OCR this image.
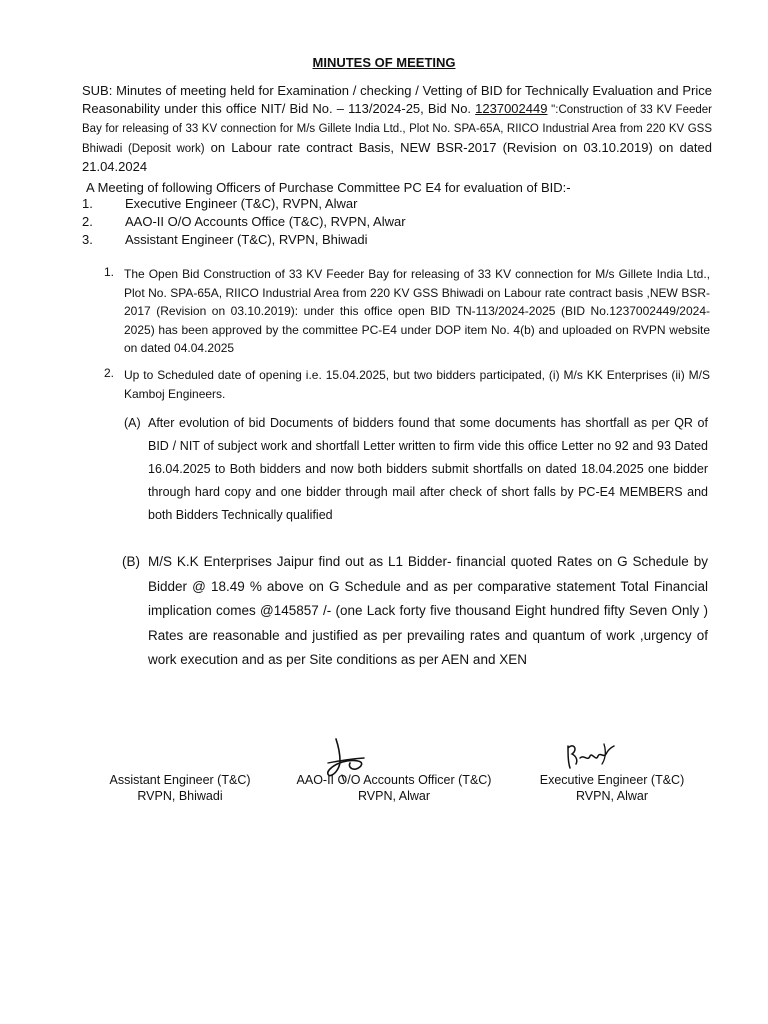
MINUTES OF MEETING
SUB: Minutes of meeting held for Examination / checking / Vetting of BID for Technically Evaluation and Price Reasonability under this office NIT/ Bid No. – 113/2024-25, Bid No. 1237002449 ":Construction of 33 KV Feeder Bay for releasing of 33 KV connection for M/s Gillete India Ltd., Plot No. SPA-65A, RIICO Industrial Area from 220 KV GSS Bhiwadi (Deposit work) on Labour rate contract Basis, NEW BSR-2017 (Revision on 03.10.2019) on dated 21.04.2024
A Meeting of following Officers of Purchase Committee PC E4 for evaluation of BID:-
1.	Executive Engineer (T&C), RVPN, Alwar
2.	AAO-II O/O Accounts Office (T&C), RVPN, Alwar
3.	Assistant Engineer (T&C), RVPN, Bhiwadi
1. The Open Bid Construction of 33 KV Feeder Bay for releasing of 33 KV connection for M/s Gillete India Ltd., Plot No. SPA-65A, RIICO Industrial Area from 220 KV GSS Bhiwadi on Labour rate contract basis ,NEW BSR-2017 (Revision on 03.10.2019): under this office open BID TN-113/2024-2025 (BID No.1237002449/2024-2025) has been approved by the committee PC-E4 under DOP item No. 4(b) and uploaded on RVPN website on dated 04.04.2025
2. Up to Scheduled date of opening i.e. 15.04.2025, but two bidders participated, (i) M/s KK Enterprises (ii) M/S Kamboj Engineers.
(A) After evolution of bid Documents of bidders found that some documents has shortfall as per QR of BID / NIT of subject work and shortfall Letter written to firm vide this office Letter no 92 and 93 Dated 16.04.2025 to Both bidders and now both bidders submit shortfalls on dated 18.04.2025 one bidder through hard copy and one bidder through mail after check of short falls by PC-E4 MEMBERS and both Bidders Technically qualified
(B) M/S K.K Enterprises Jaipur find out as L1 Bidder- financial quoted Rates on G Schedule by Bidder @ 18.49 % above on G Schedule and as per comparative statement Total Financial implication comes @145857 /- (one Lack forty five thousand Eight hundred fifty Seven Only ) Rates are reasonable and justified as per prevailing rates and quantum of work ,urgency of work execution and as per Site conditions as per AEN and XEN
Assistant Engineer (T&C)
RVPN, Bhiwadi
AAO-II O/O Accounts Officer (T&C)
RVPN, Alwar
Executive Engineer (T&C)
RVPN, Alwar
